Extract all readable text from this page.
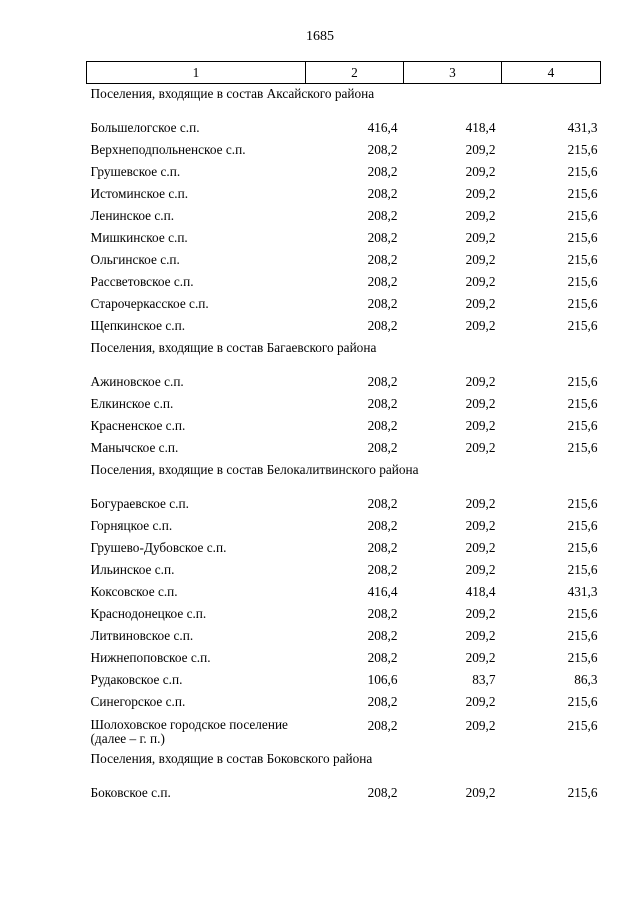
1685
1	2	3	4
Поселения, входящие в состав Аксайского района			
Большелогское с.п.	416,4	418,4	431,3
Верхнеподпольненское с.п.	208,2	209,2	215,6
Грушевское с.п.	208,2	209,2	215,6
Истоминское с.п.	208,2	209,2	215,6
Ленинское с.п.	208,2	209,2	215,6
Мишкинское с.п.	208,2	209,2	215,6
Ольгинское с.п.	208,2	209,2	215,6
Рассветовское с.п.	208,2	209,2	215,6
Старочеркасское с.п.	208,2	209,2	215,6
Щепкинское с.п.	208,2	209,2	215,6
Поселения, входящие в состав Багаевского района			
Ажиновское с.п.	208,2	209,2	215,6
Елкинское с.п.	208,2	209,2	215,6
Красненское с.п.	208,2	209,2	215,6
Манычское с.п.	208,2	209,2	215,6
Поселения, входящие в состав Белокалитвинского района			
Богураевское с.п.	208,2	209,2	215,6
Горняцкое с.п.	208,2	209,2	215,6
Грушево-Дубовское с.п.	208,2	209,2	215,6
Ильинское с.п.	208,2	209,2	215,6
Коксовское с.п.	416,4	418,4	431,3
Краснодонецкое с.п.	208,2	209,2	215,6
Литвиновское с.п.	208,2	209,2	215,6
Нижнепоповское с.п.	208,2	209,2	215,6
Рудаковское с.п.	106,6	83,7	86,3
Синегорское с.п.	208,2	209,2	215,6
Шолоховское городское поселение (далее – г. п.)	208,2	209,2	215,6
Поселения, входящие в состав Боковского района			
Боковское с.п.	208,2	209,2	215,6
